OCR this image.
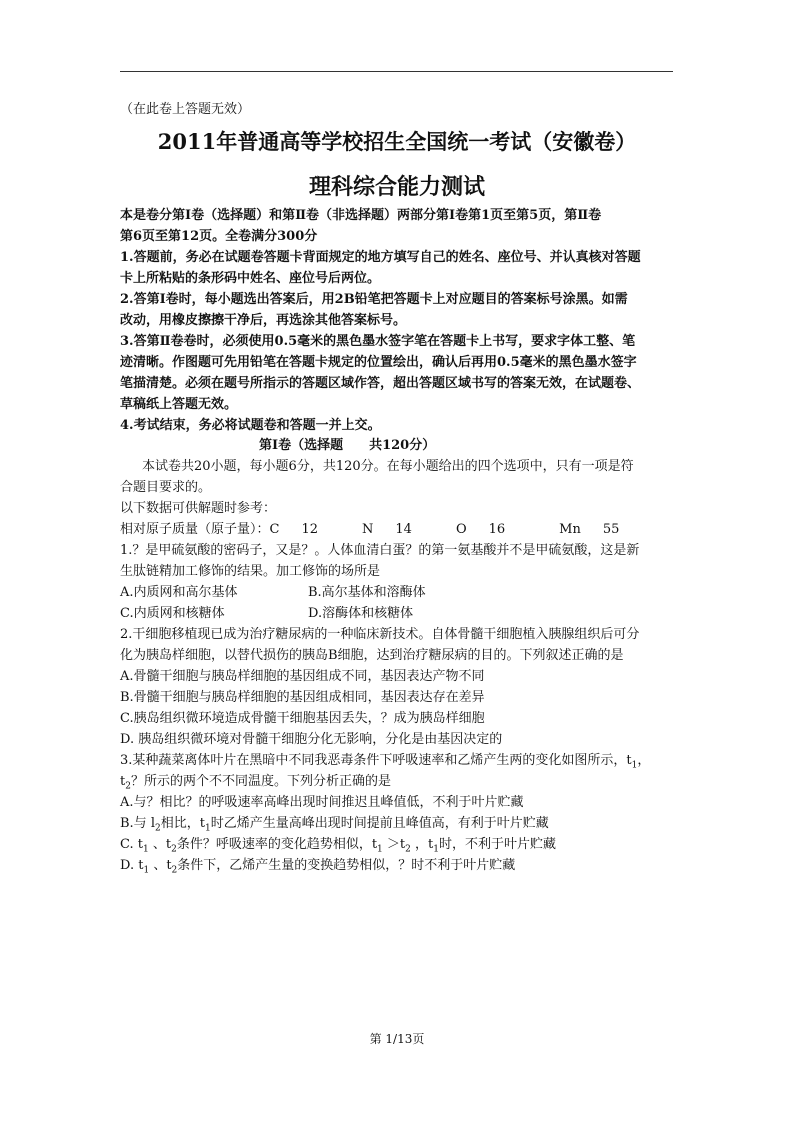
（在此卷上答题无效）
2011年普通高等学校招生全国统一考试（安徽卷）
理科综合能力测试
本是卷分第Ⅰ卷（选择题）和第Ⅱ卷（非选择题）两部分第Ⅰ卷第1页至第5页，第Ⅱ卷
第6页至第12页。全卷满分300分
1.答题前，务必在试题卷答题卡背面规定的地方填写自己的姓名、座位号、并认真核对答题
卡上所粘贴的条形码中姓名、座位号后两位。
2.答第Ⅰ卷时，每小题选出答案后，用2B铅笔把答题卡上对应题目的答案标号涂黑。如需
改动，用橡皮擦擦干净后，再选涂其他答案标号。
3.答第Ⅱ卷卷时，必须使用0.5毫米的黑色墨水签字笔在答题卡上书写，要求字体工整、笔
迹清晰。作图题可先用铅笔在答题卡规定的位置绘出，确认后再用0.5毫米的黑色墨水签字
笔描清楚。必须在题号所指示的答题区域作答，超出答题区域书写的答案无效，在试题卷、
草稿纸上答题无效。
4.考试结束，务必将试题卷和答题一并上交。
第Ⅰ卷（选择题 共120分）
本试卷共20小题，每小题6分，共120分。在每小题给出的四个选项中，只有一项是符
合题目要求的。
以下数据可供解题时参考：
相对原子质量（原子量）：C 12	N 14	O 16	Mn 55
1.？是甲硫氨酸的密码子，又是？。人体血清白蛋？的第一氨基酸并不是甲硫氨酸，这是新
生肽链精加工修饰的结果。加工修饰的场所是
A.内质网和高尔基体	B.高尔基体和溶酶体
C.内质网和核糖体	D.溶酶体和核糖体
2.干细胞移植现已成为治疗糖尿病的一种临床新技术。自体骨髓干细胞植入胰腺组织后可分
化为胰岛样细胞，以替代损伤的胰岛B细胞，达到治疗糖尿病的目的。下列叙述正确的是
A.骨髓干细胞与胰岛样细胞的基因组成不同，基因表达产物不同
B.骨髓干细胞与胰岛样细胞的基因组成相同，基因表达存在差异
C.胰岛组织微环境造成骨髓干细胞基因丢失，？成为胰岛样细胞
D. 胰岛组织微环境对骨髓干细胞分化无影响，分化是由基因决定的
3.某种蔬菜离体叶片在黑暗中不同我恶毒条件下呼吸速率和乙烯产生两的变化如图所示，$t_1$，
$t_2$？所示的两个不不同温度。下列分析正确的是
A.与？相比？的呼吸速率高峰出现时间推迟且峰值低，不利于叶片贮藏
B.与 $l_2$相比，$t_1$时乙烯产生量高峰出现时间提前且峰值高，有利于叶片贮藏
C. $t_1$ 、$t_2$条件？呼吸速率的变化趋势相似，$t_1 >t_2$ ，$t_1$时，不利于叶片贮藏
D. $t_1$ 、$t_2$条件下，乙烯产生量的变换趋势相似，？时不利于叶片贮藏
第 1/13页
